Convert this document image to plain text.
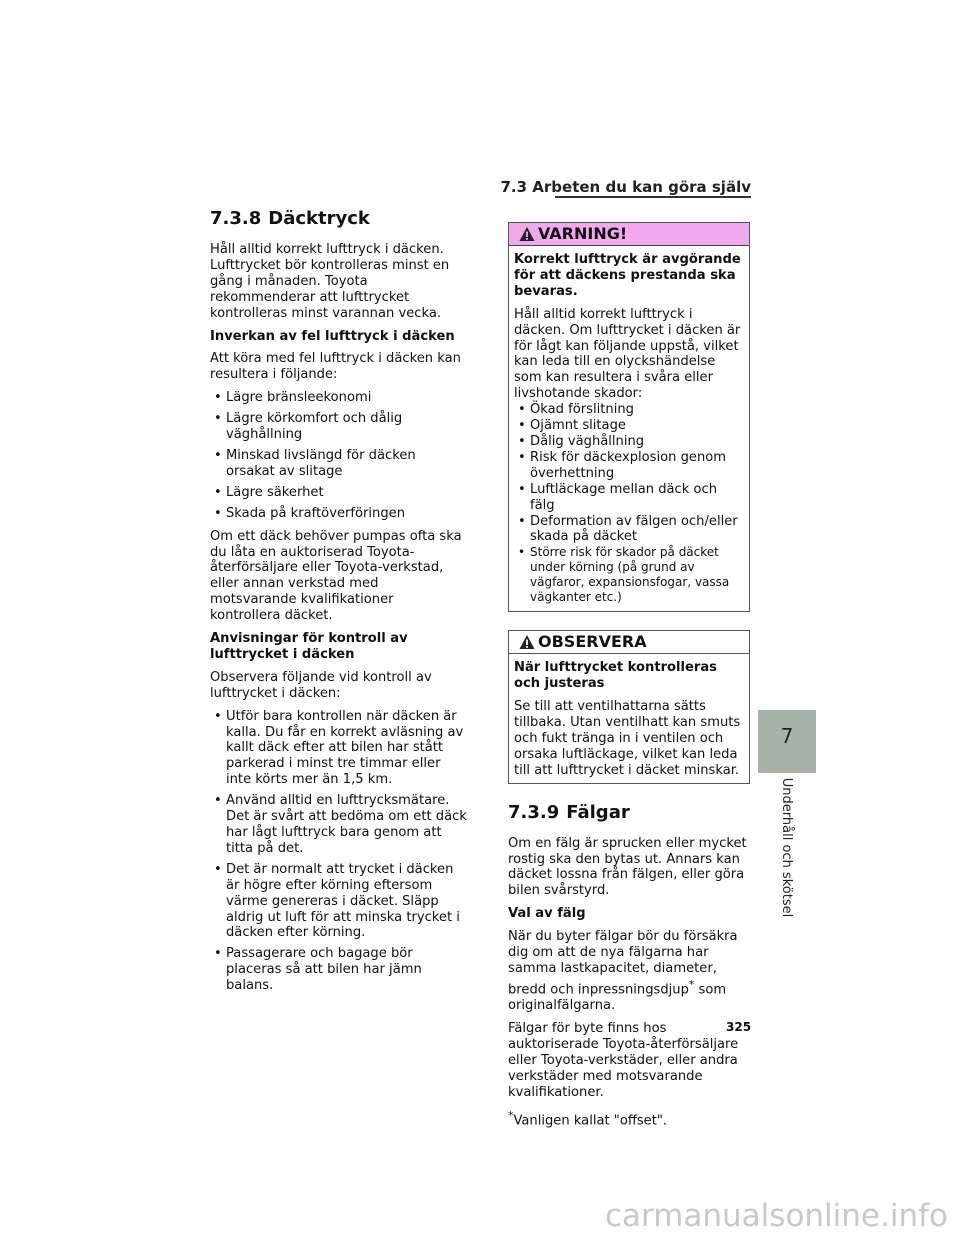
7.3 Arbeten du kan göra själv
7.3.8 Däcktryck

Håll alltid korrekt lufttryck i däcken. Lufttrycket bör kontrolleras minst en gång i månaden. Toyota rekommenderar att lufttrycket kontrolleras minst varannan vecka.

Inverkan av fel lufttryck i däcken

Att köra med fel lufttryck i däcken kan resultera i följande:

• Lägre bränsleekonomi
• Lägre körkomfort och dålig väghållning
• Minskad livslängd för däcken orsakat av slitage
• Lägre säkerhet
• Skada på kraftöverföringen

Om ett däck behöver pumpas ofta ska du låta en auktoriserad Toyota-återförsäljare eller Toyota-verkstad, eller annan verkstad med motsvarande kvalifikationer kontrollera däcket.

Anvisningar för kontroll av lufttrycket i däcken

Observera följande vid kontroll av lufttrycket i däcken:

• Utför bara kontrollen när däcken är kalla. Du får en korrekt avläsning av kallt däck efter att bilen har stått parkerad i minst tre timmar eller inte körts mer än 1,5 km.
• Använd alltid en lufttrycksmätare. Det är svårt att bedöma om ett däck har lågt lufttryck bara genom att titta på det.
• Det är normalt att trycket i däcken är högre efter körning eftersom värme genereras i däcket. Släpp aldrig ut luft för att minska trycket i däcken efter körning.
• Passagerare och bagage bör placeras så att bilen har jämn balans.
VARNING!

Korrekt lufttryck är avgörande för att däckens prestanda ska bevaras.

Håll alltid korrekt lufttryck i däcken. Om lufttrycket i däcken är för lågt kan följande uppstå, vilket kan leda till en olyckshändelse som kan resultera i svåra eller livshotande skador:

• Ökad förslitning
• Ojämnt slitage
• Dålig väghållning
• Risk för däckexplosion genom överhettning
• Luftläckage mellan däck och fälg
• Deformation av fälgen och/eller skada på däcket
• Större risk för skador på däcket under körning (på grund av vägfaror, expansionsfogar, vassa vägkanter etc.)
OBSERVERA

När lufttrycket kontrolleras och justeras

Se till att ventilhattarna sätts tillbaka. Utan ventilhatt kan smuts och fukt tränga in i ventilen och orsaka luftläckage, vilket kan leda till att lufttrycket i däcket minskar.

7.3.9 Fälgar

Om en fälg är sprucken eller mycket rostig ska den bytas ut. Annars kan däcket lossna från fälgen, eller göra bilen svårstyrd.

Val av fälg

När du byter fälgar bör du försäkra dig om att de nya fälgarna har samma lastkapacitet, diameter, bredd och inpressningsdjup* som originalfälgarna.

Fälgar för byte finns hos auktoriserade Toyota-återförsäljare eller Toyota-verkstäder, eller andra verkstäder med motsvarande kvalifikationer.

*Vanligen kallat "offset".

7
Underhåll och skötsel
325
carmanualsonline.info
